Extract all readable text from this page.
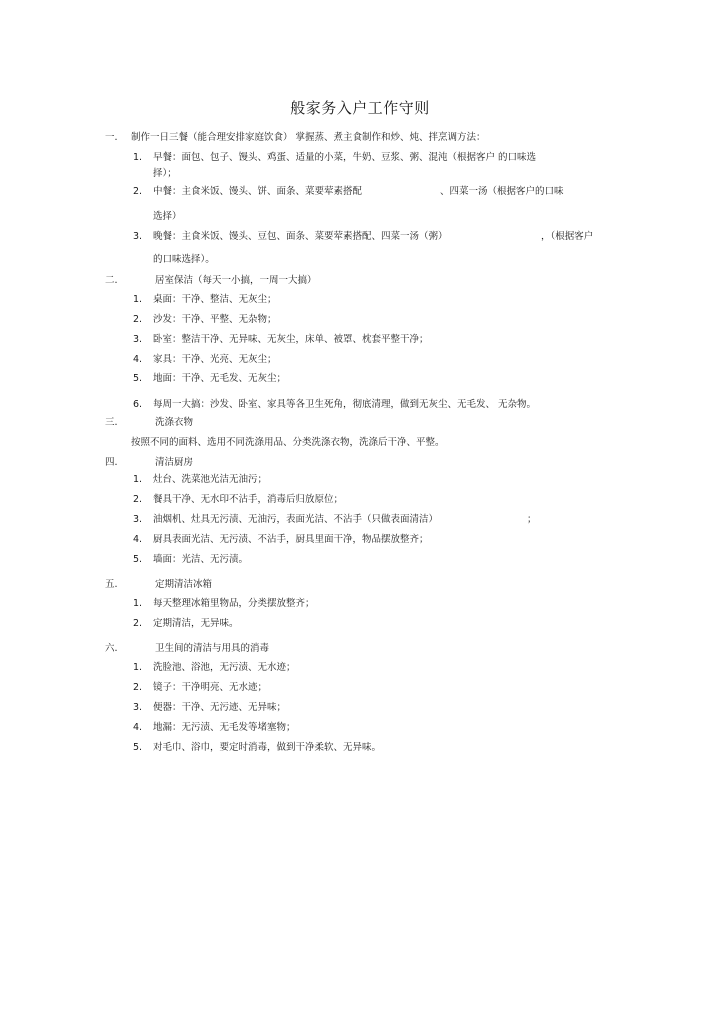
般家务入户工作守则
一. 制作一日三餐（能合理安排家庭饮食） 掌握蒸、煮主食制作和炒、炖、拌烹调方法：
1. 早餐：面包、包子、馒头、鸡蛋、适量的小菜，牛奶、豆浆、粥、混沌（根据客户 的口味选
择）；
2. 中餐：主食米饭、馒头、饼、面条、菜要荤素搭配	、四菜一汤（根据客户的口味
选择）
3. 晚餐：主食米饭、馒头、豆包、面条、菜要荤素搭配、四菜一汤（粥）	，（根据客户
的口味选择）。
二.	居室保洁（每天一小搞，一周一大搞）
1. 桌面：干净、整洁、无灰尘；
2. 沙发：干净、平整、无杂物；
3. 卧室：整洁干净、无异味、无灰尘，床单、被罩、枕套平整干净；
4. 家具：干净、光亮、无灰尘；
5. 地面：干净、无毛发、无灰尘；
6. 每周一大搞：沙发、卧室、家具等各卫生死角，彻底清理，做到无灰尘、无毛发、 无杂物。
三.	洗涤衣物
按照不同的面料、选用不同洗涤用品、分类洗涤衣物，洗涤后干净、平整。
四.	清洁厨房
1. 灶台、洗菜池光洁无油污；
2. 餐具干净、无水印不沾手，消毒后归放原位；
3. 油烟机、灶具无污渍、无油污，表面光洁、不沾手（只做表面清洁）	；
4. 厨具表面光洁、无污渍、不沾手，厨具里面干净，物品摆放整齐；
5. 墙面：光洁、无污渍。
五.	定期清洁冰箱
1. 每天整理冰箱里物品，分类摆放整齐；
2. 定期清洁，无异味。
六.	卫生间的清洁与用具的消毒
1. 洗脸池、浴池，无污渍、无水迹；
2. 镜子：干净明亮、无水迹；
3. 便器：干净、无污迹、无异味；
4. 地漏：无污渍、无毛发等堵塞物；
5. 对毛巾、浴巾，要定时消毒，做到干净柔软、无异味。
